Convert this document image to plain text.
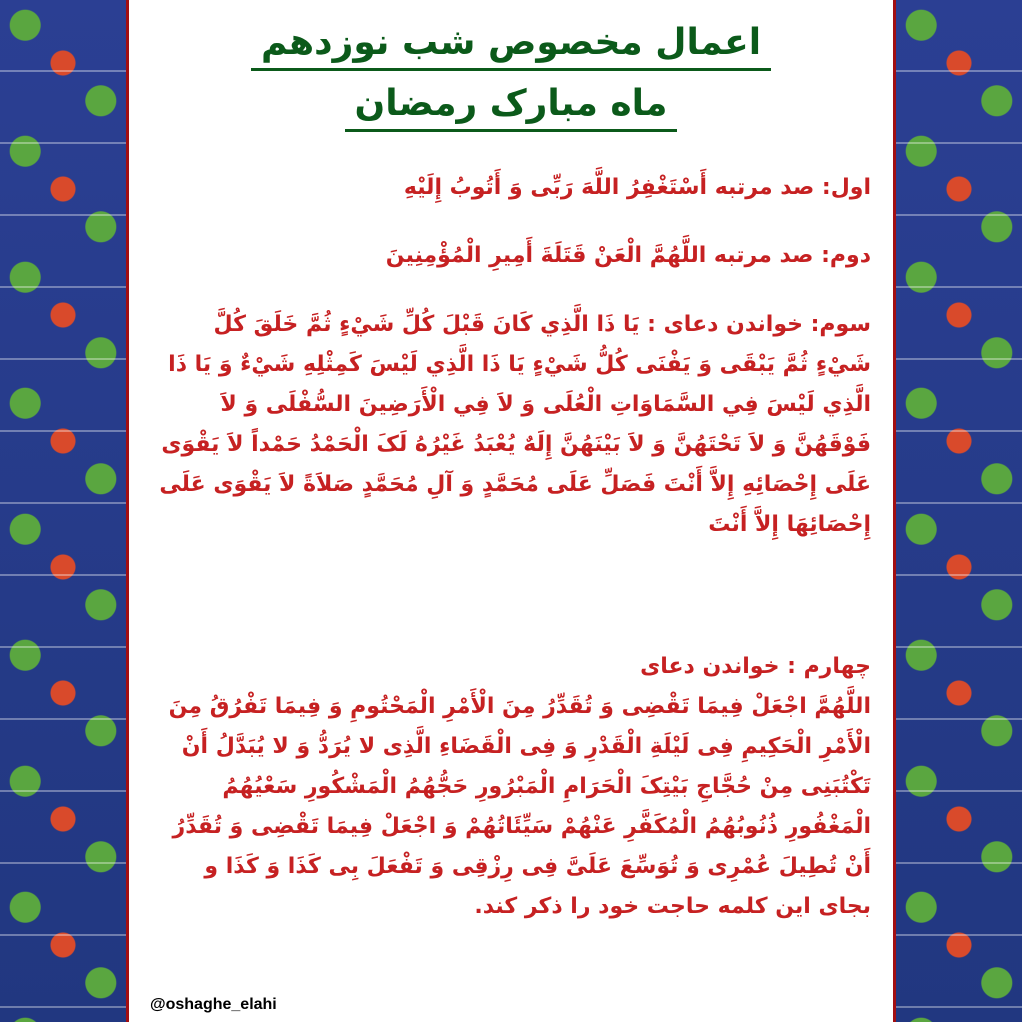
اعمال مخصوص شب نوزدهم
ماه مبارک رمضان
اول: صد مرتبه أَسْتَغْفِرُ اللَّهَ رَبِّی وَ أَتُوبُ إِلَیْهِ
دوم: صد مرتبه اللَّهُمَّ الْعَنْ قَتَلَةَ أَمِیرِ الْمُؤْمِنِینَ
سوم: خواندن دعای : یَا ذَا الَّذِي کَانَ قَبْلَ کُلِّ شَيْءٍ ثُمَّ خَلَقَ کُلَّ شَيْءٍ ثُمَّ یَبْقَى وَ یَفْنَى کُلُّ شَيْءٍ یَا ذَا الَّذِي لَیْسَ کَمِثْلِهِ شَيْءٌ وَ یَا ذَا الَّذِي لَیْسَ فِي السَّمَاوَاتِ الْعُلَى وَ لاَ فِي الْأَرَضِینَ السُّفْلَى وَ لاَ فَوْقَهُنَّ وَ لاَ تَحْتَهُنَّ وَ لاَ بَیْنَهُنَّ إِلَهٌ یُعْبَدُ غَیْرُهُ لَکَ الْحَمْدُ حَمْداً لاَ یَقْوَى عَلَى إِحْصَائِهِ إِلاَّ أَنْتَ فَصَلِّ عَلَى مُحَمَّدٍ وَ آلِ مُحَمَّدٍ صَلاَةً لاَ یَقْوَى عَلَى إِحْصَائِهَا إِلاَّ أَنْتَ
چهارم : خواندن دعای
اللَّهُمَّ اجْعَلْ فِیمَا تَقْضِی وَ تُقَدِّرُ مِنَ الْأَمْرِ الْمَحْتُومِ وَ فِیمَا تَفْرُقُ مِنَ الْأَمْرِ الْحَکِیمِ فِی لَیْلَةِ الْقَدْرِ وَ فِی الْقَضَاءِ الَّذِی لا یُرَدُّ وَ لا یُبَدَّلُ أَنْ تَکْتُبَنِی مِنْ حُجَّاجِ بَیْتِکَ الْحَرَامِ الْمَبْرُورِ حَجُّهُمُ الْمَشْکُورِ سَعْیُهُمُ الْمَغْفُورِ ذُنُوبُهُمُ الْمُکَفَّرِ عَنْهُمْ سَیِّئَاتُهُمْ وَ اجْعَلْ فِیمَا تَقْضِی وَ تُقَدِّرُ أَنْ تُطِیلَ عُمْرِی وَ تُوَسِّعَ عَلَیَّ فِی رِزْقِی وَ تَفْعَلَ بِی کَذَا وَ کَذَا و بجای این کلمه حاجت خود را ذکر کند.
@oshaghe_elahi
